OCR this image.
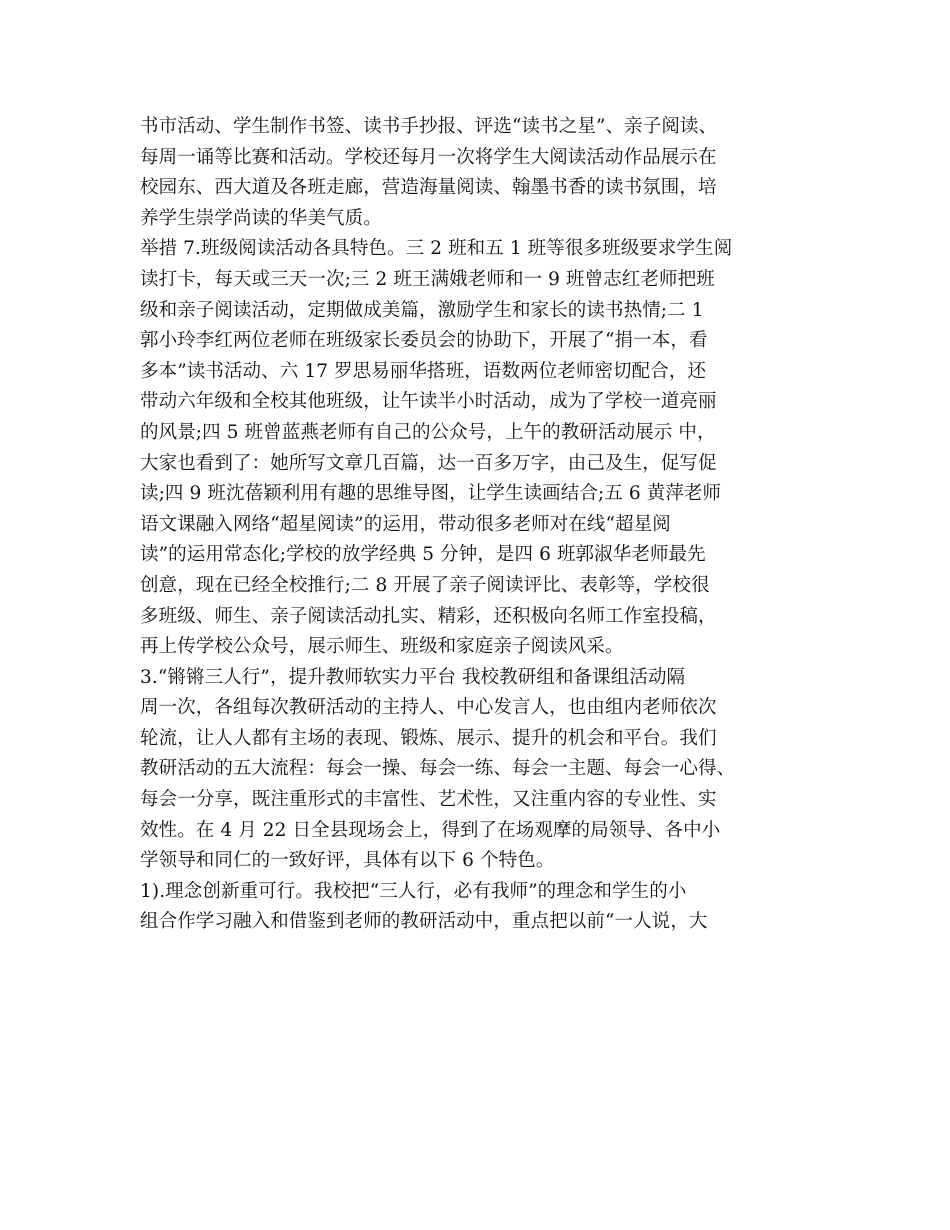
书市活动、学生制作书签、读书手抄报、评选“读书之星”、亲子阅读、
每周一诵等比赛和活动。学校还每月一次将学生大阅读活动作品展示在
校园东、西大道及各班走廊，营造海量阅读、翰墨书香的读书氛围，培
养学生崇学尚读的华美气质。
举措 7.班级阅读活动各具特色。三 2 班和五 1 班等很多班级要求学生阅
读打卡，每天或三天一次;三 2 班王满娥老师和一 9 班曾志红老师把班
级和亲子阅读活动，定期做成美篇，激励学生和家长的读书热情;二 1
郭小玲李红两位老师在班级家长委员会的协助下，开展了“捐一本，看
多本”读书活动、六 17 罗思易丽华搭班，语数两位老师密切配合，还
带动六年级和全校其他班级，让午读半小时活动，成为了学校一道亮丽
的风景;四 5 班曾蓝燕老师有自己的公众号，上午的教研活动展示 中，
大家也看到了：她所写文章几百篇，达一百多万字，由己及生，促写促
读;四 9 班沈蓓颖利用有趣的思维导图，让学生读画结合;五 6 黄萍老师
语文课融入网络“超星阅读”的运用，带动很多老师对在线“超星阅
读”的运用常态化;学校的放学经典 5 分钟，是四 6 班郭淑华老师最先
创意，现在已经全校推行;二 8 开展了亲子阅读评比、表彰等，学校很
多班级、师生、亲子阅读活动扎实、精彩，还积极向名师工作室投稿，
再上传学校公众号，展示师生、班级和家庭亲子阅读风采。
3.“锵锵三人行”，提升教师软实力平台 我校教研组和备课组活动隔
周一次，各组每次教研活动的主持人、中心发言人，也由组内老师依次
轮流，让人人都有主场的表现、锻炼、展示、提升的机会和平台。我们
教研活动的五大流程：每会一操、每会一练、每会一主题、每会一心得、
每会一分享，既注重形式的丰富性、艺术性，又注重内容的专业性、实
效性。在 4 月 22 日全县现场会上，得到了在场观摩的局领导、各中小
学领导和同仁的一致好评，具体有以下 6 个特色。
1).理念创新重可行。我校把“三人行，必有我师”的理念和学生的小
组合作学习融入和借鉴到老师的教研活动中，重点把以前“一人说，大
